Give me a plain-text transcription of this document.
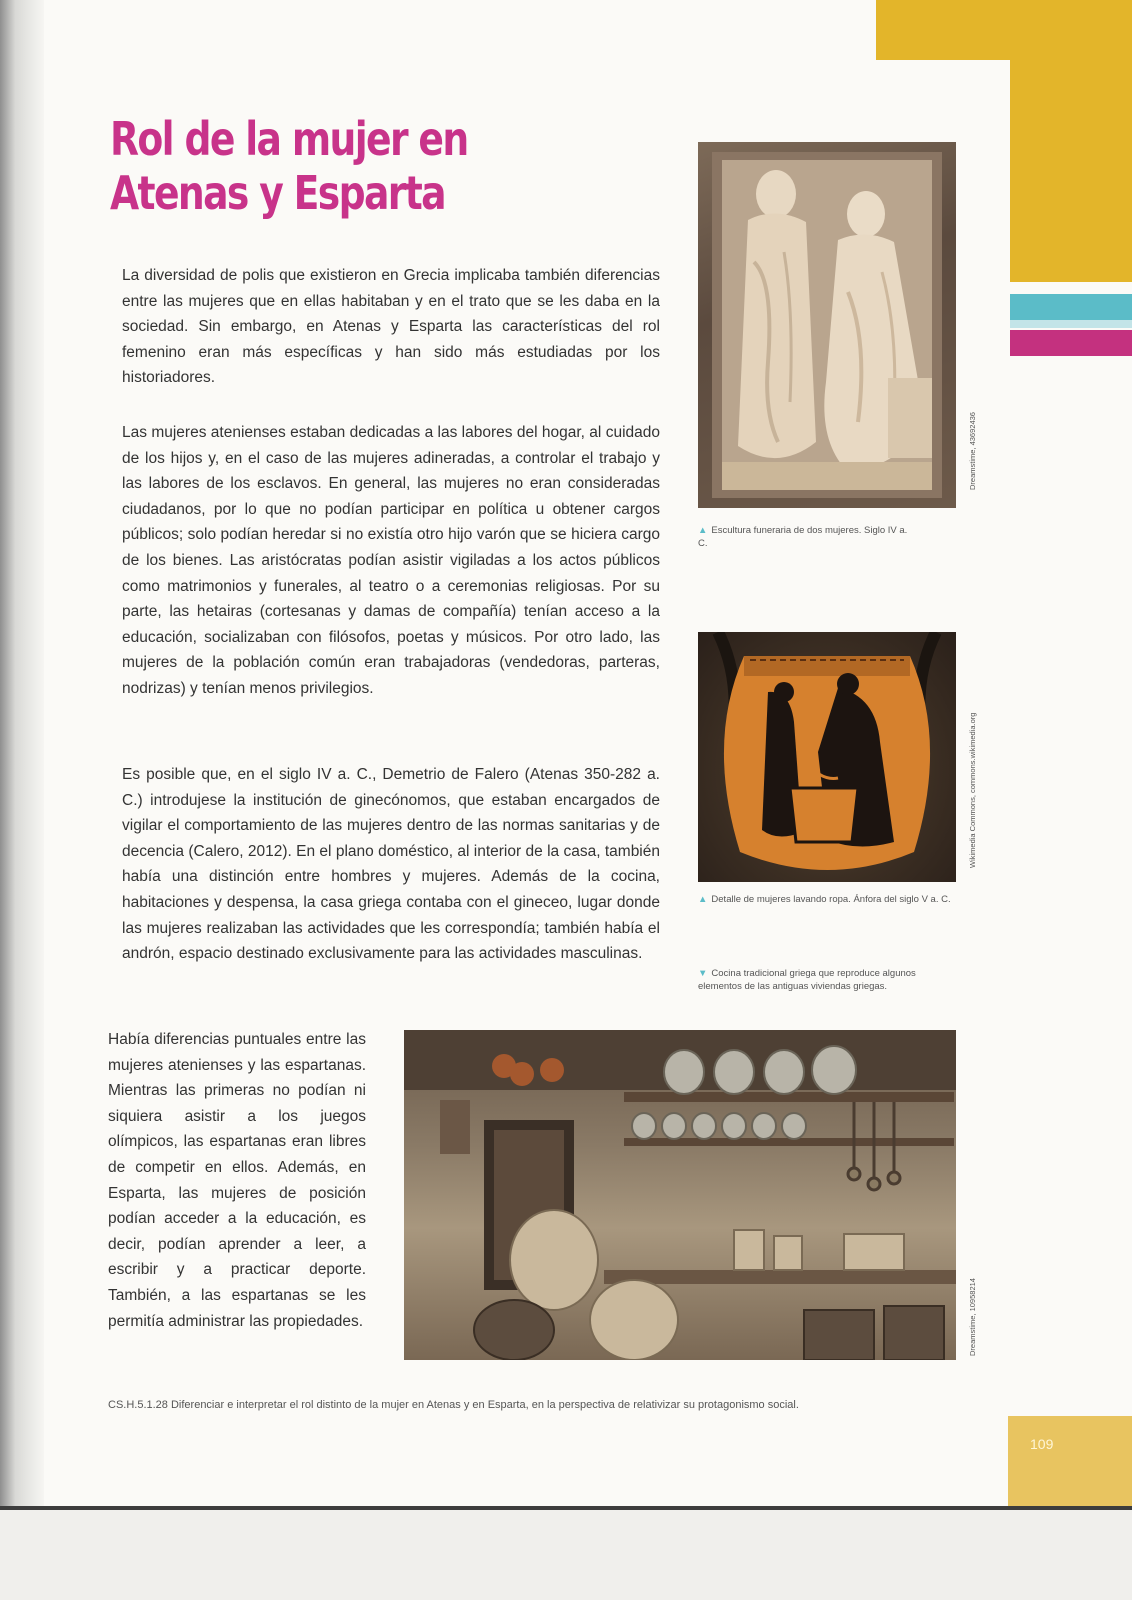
Rol de la mujer en Atenas y Esparta

La diversidad de polis que existieron en Grecia implicaba también diferencias entre las mujeres que en ellas habitaban y en el trato que se les daba en la sociedad. Sin embargo, en Atenas y Esparta las características del rol femenino eran más específicas y han sido más estudiadas por los historiadores.

Las mujeres atenienses estaban dedicadas a las labores del hogar, al cuidado de los hijos y, en el caso de las mujeres adineradas, a controlar el trabajo y las labores de los esclavos. En general, las mujeres no eran consideradas ciudadanos, por lo que no podían participar en política u obtener cargos públicos; solo podían heredar si no existía otro hijo varón que se hiciera cargo de los bienes. Las aristócratas podían asistir vigiladas a los actos públicos como matrimonios y funerales, al teatro o a ceremonias religiosas. Por su parte, las hetairas (cortesanas y damas de compañía) tenían acceso a la educación, socializaban con filósofos, poetas y músicos. Por otro lado, las mujeres de la población común eran trabajadoras (vendedoras, parteras, nodrizas) y tenían menos privilegios.

Es posible que, en el siglo IV a. C., Demetrio de Falero (Atenas 350-282 a. C.) introdujese la institución de ginecónomos, que estaban encargados de vigilar el comportamiento de las mujeres dentro de las normas sanitarias y de decencia (Calero, 2012). En el plano doméstico, al interior de la casa, también había una distinción entre hombres y mujeres. Además de la cocina, habitaciones y despensa, la casa griega contaba con el gineceo, lugar donde las mujeres realizaban las actividades que les correspondía; también había el andrón, espacio destinado exclusivamente para las actividades masculinas.

Había diferencias puntuales entre las mujeres atenienses y las espartanas. Mientras las primeras no podían ni siquiera asistir a los juegos olímpicos, las espartanas eran libres de competir en ellos. Además, en Esparta, las mujeres de posición podían acceder a la educación, es decir, podían aprender a leer, a escribir y a practicar deporte. También, a las espartanas se les permitía administrar las propiedades.

Dreamstime, 43692436

▲ Escultura funeraria de dos mujeres. Siglo IV a. C.

Wikimedia Commons, commons.wikimedia.org

▲ Detalle de mujeres lavando ropa. Ánfora del siglo V a. C.

▼ Cocina tradicional griega que reproduce algunos elementos de las antiguas viviendas griegas.

Dreamstime, 10958214

CS.H.5.1.28 Diferenciar e interpretar el rol distinto de la mujer en Atenas y en Esparta, en la perspectiva de relativizar su protagonismo social.

109
